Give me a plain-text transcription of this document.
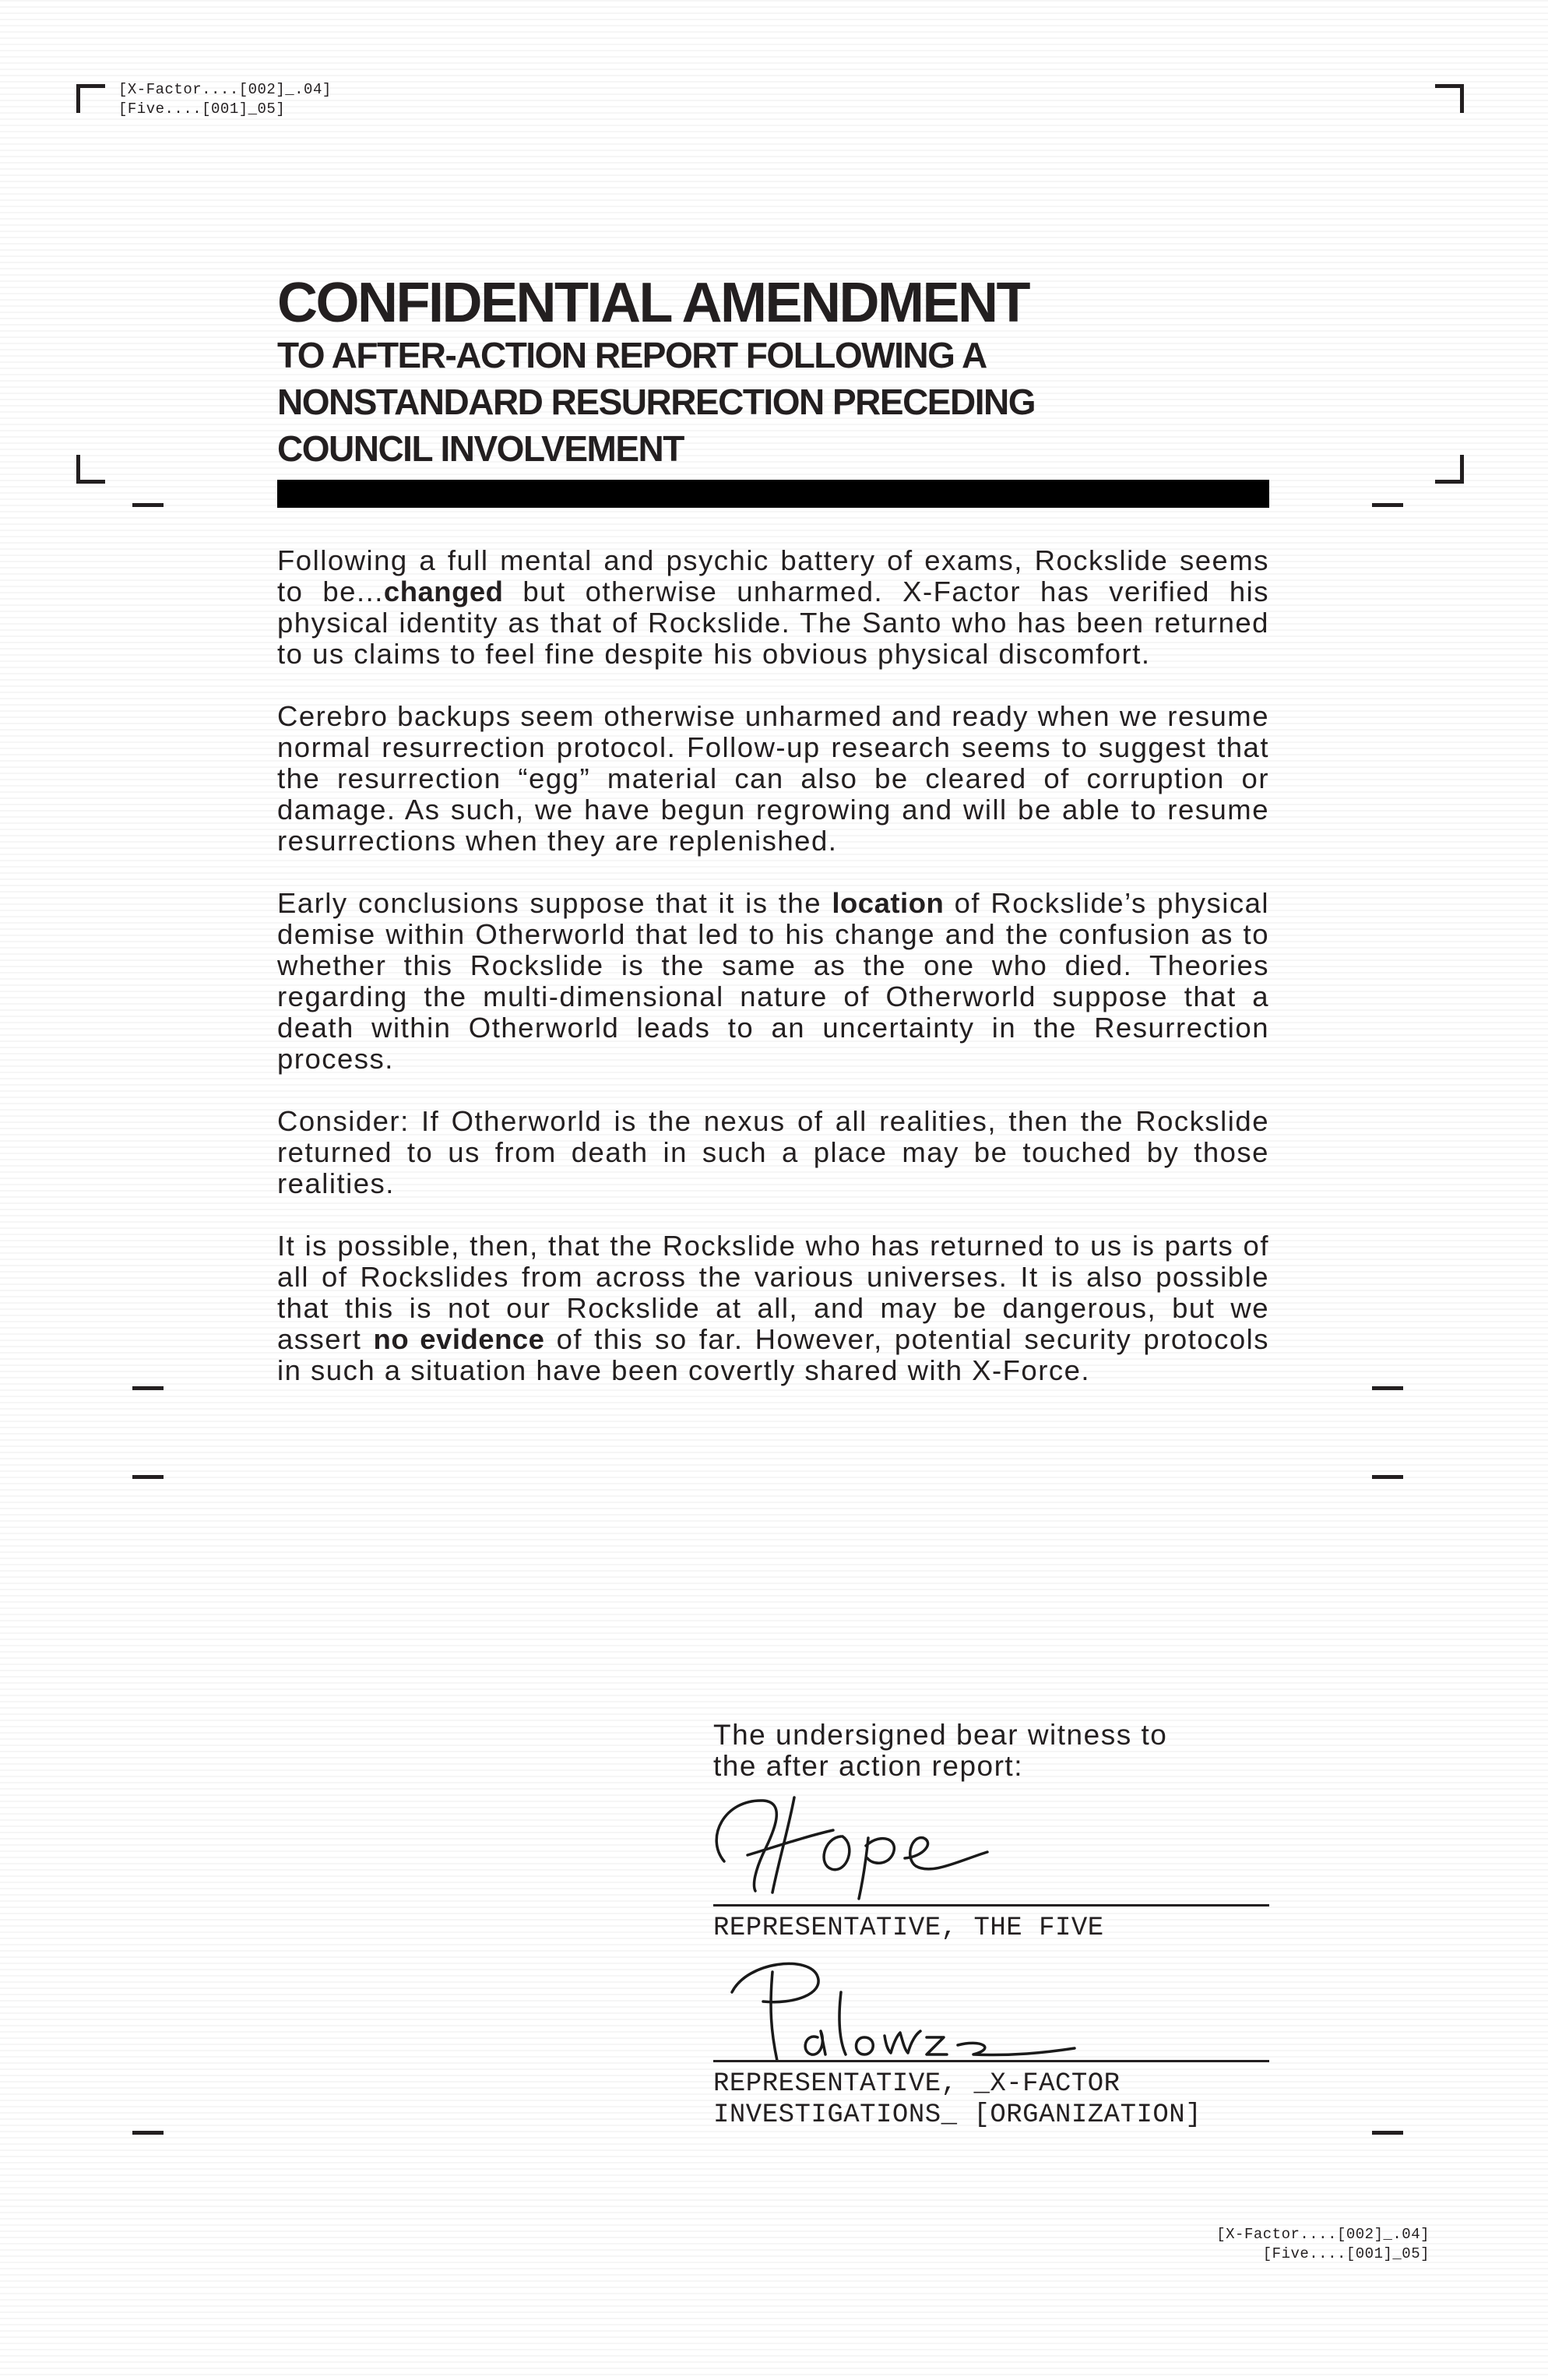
[X-Factor....[002]_.04]
[Five....[001]_05]
CONFIDENTIAL AMENDMENT
TO AFTER-ACTION REPORT FOLLOWING A
NONSTANDARD RESURRECTION PRECEDING
COUNCIL INVOLVEMENT

Following a full mental and psychic battery of exams, Rockslide seems to be...changed but otherwise unharmed. X-Factor has verified his physical identity as that of Rockslide. The Santo who has been returned to us claims to feel fine despite his obvious physical discomfort.

Cerebro backups seem otherwise unharmed and ready when we resume normal resurrection protocol. Follow-up research seems to suggest that the resurrection “egg” material can also be cleared of corruption or damage. As such, we have begun regrowing and will be able to resume resurrections when they are replenished.

Early conclusions suppose that it is the location of Rockslide’s physical demise within Otherworld that led to his change and the confusion as to whether this Rockslide is the same as the one who died. Theories regarding the multi-dimensional nature of Otherworld suppose that a death within Otherworld leads to an uncertainty in the Resurrection process.

Consider: If Otherworld is the nexus of all realities, then the Rockslide returned to us from death in such a place may be touched by those realities.

It is possible, then, that the Rockslide who has returned to us is parts of all of Rockslides from across the various universes. It is also possible that this is not our Rockslide at all, and may be dangerous, but we assert no evidence of this so far. However, potential security protocols in such a situation have been covertly shared with X-Force.

The undersigned bear witness to
the after action report:
REPRESENTATIVE, THE FIVE
REPRESENTATIVE, _X-FACTOR
INVESTIGATIONS_ [ORGANIZATION]
[X-Factor....[002]_.04]
[Five....[001]_05]
